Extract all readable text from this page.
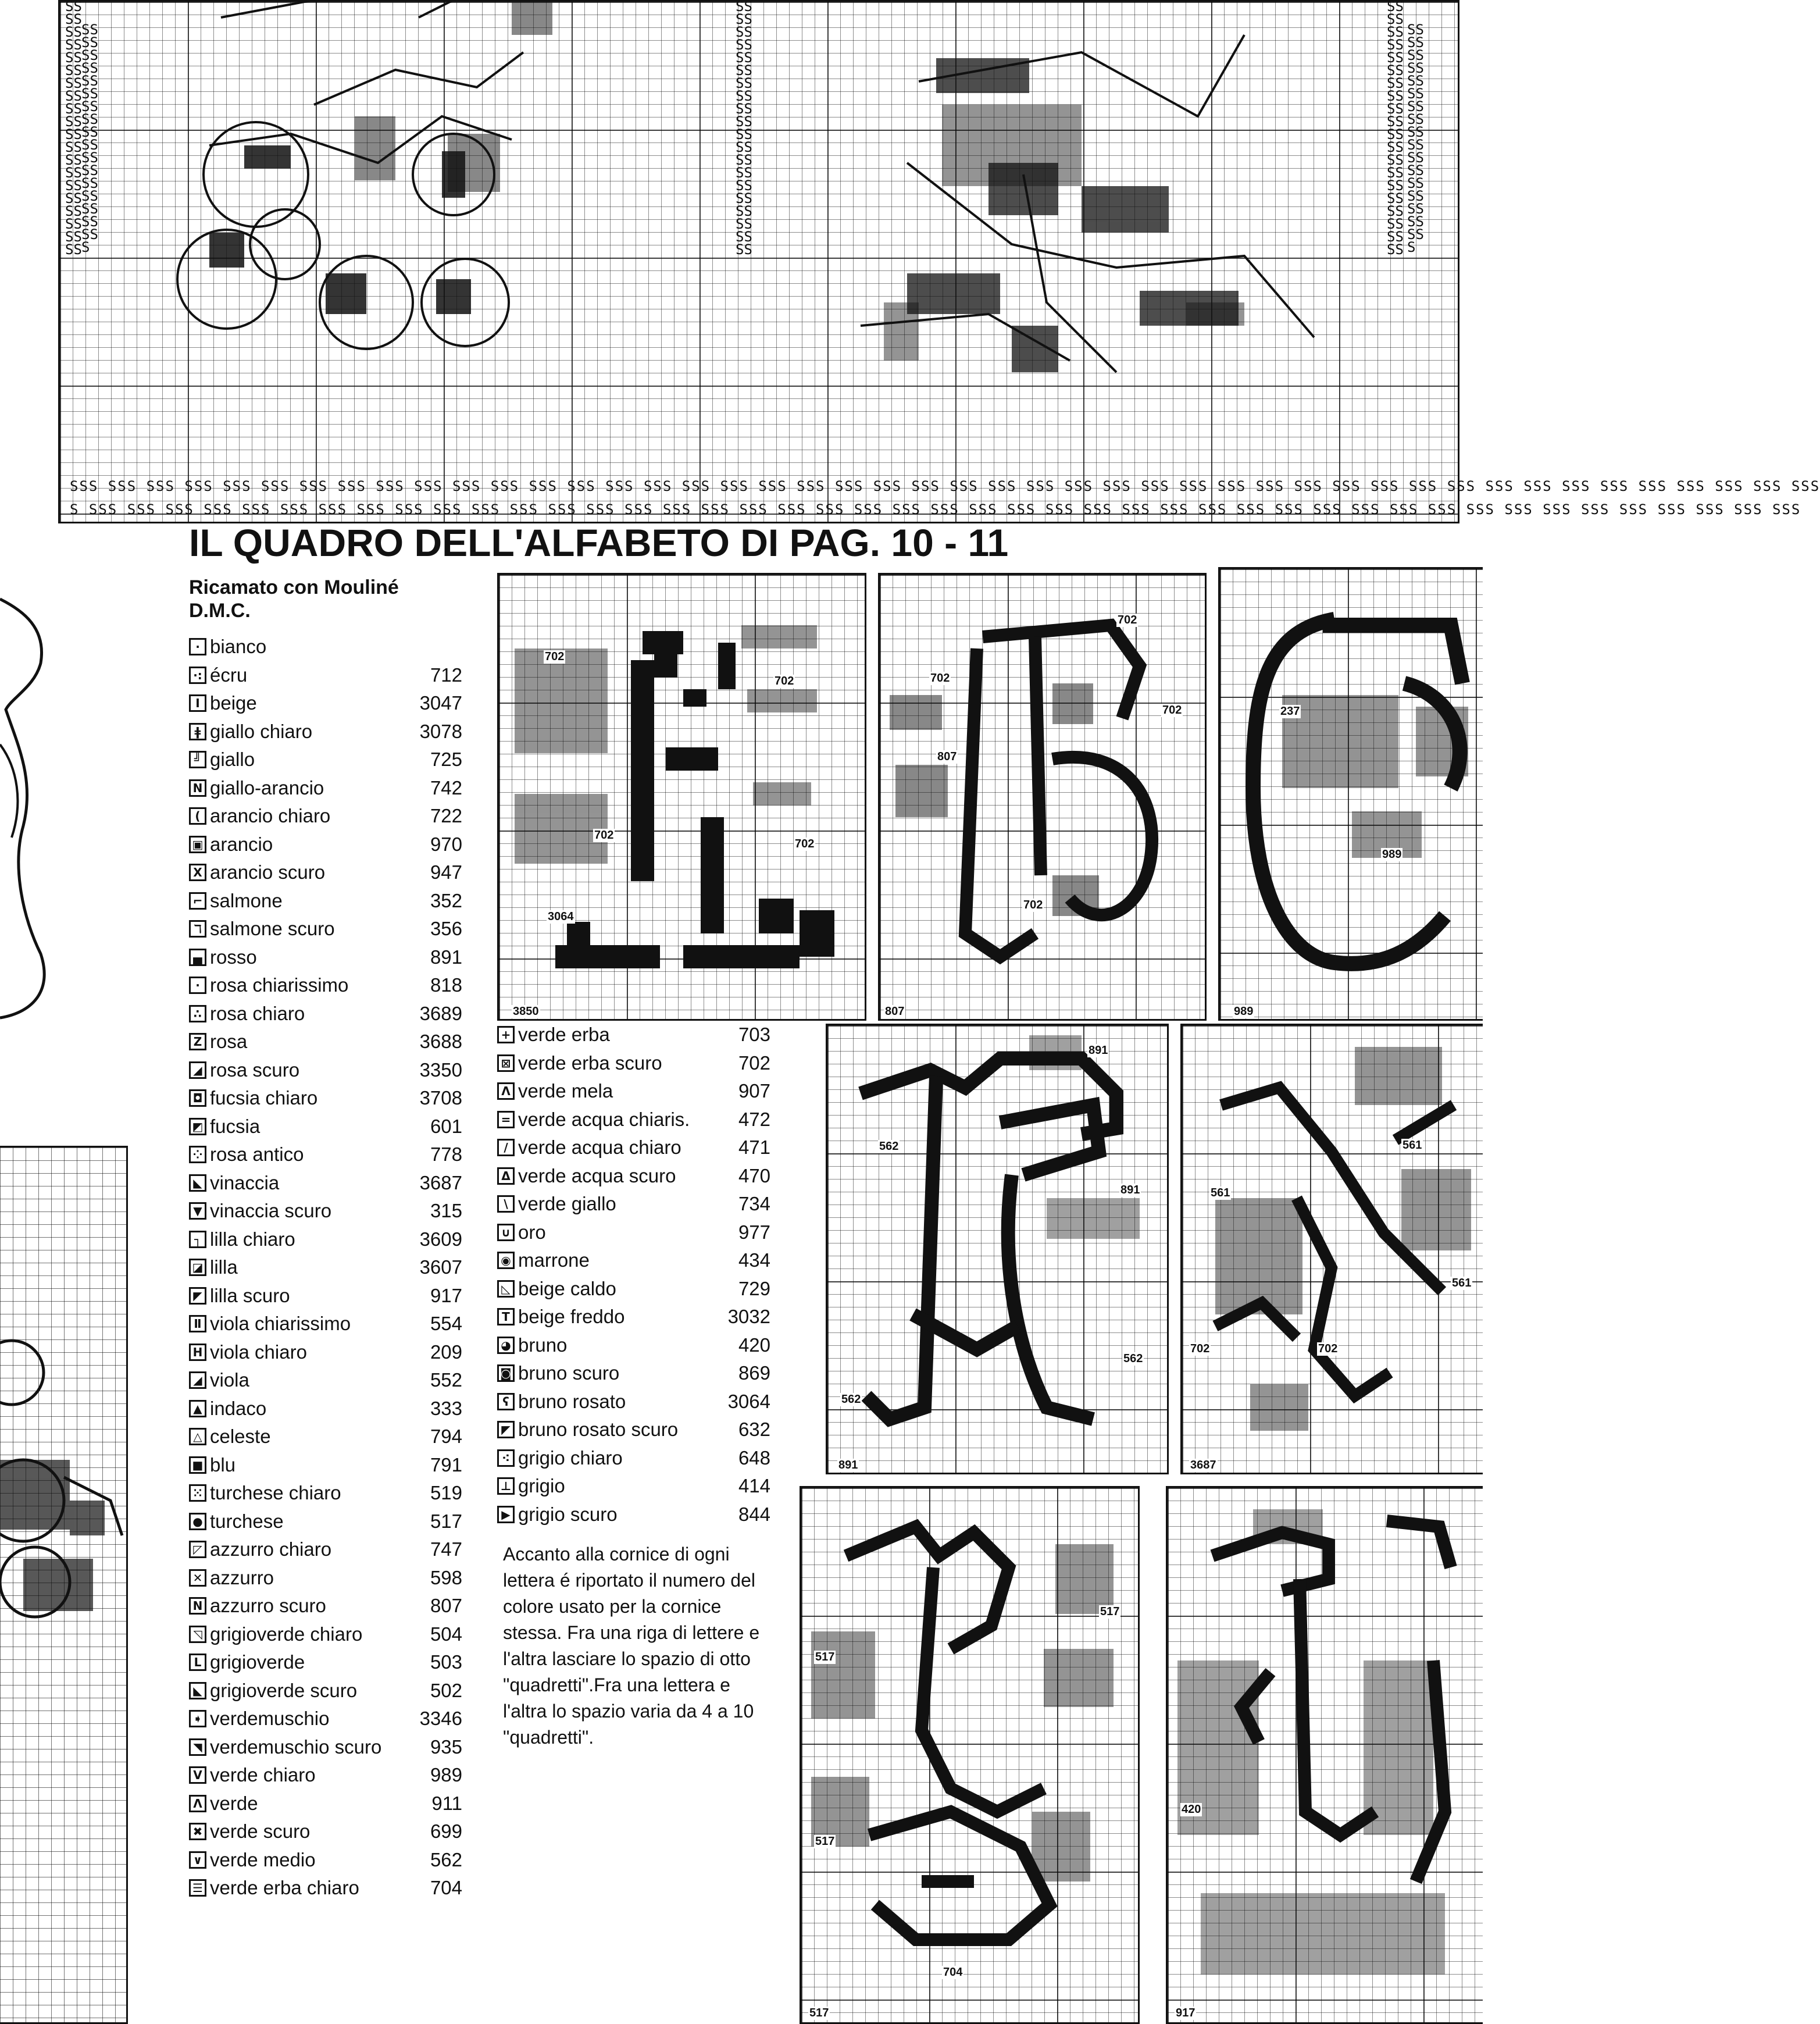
SSSSSSSSSSSSSSSSSSSSSSSSSSSSSSSSSSSSSSSS
SSSSSSSSSSSSSSSSSSSSSSSSSSSSSSSSSSS
SSSSSSSSSSSSSSSSSSSSSSSSSSSSSSSSSSSSSSSS
SSSSSSSSSSSSSSSSSSSSSSSSSSSSSSSSSSSSSSSS
SSSSSSSSSSSSSSSSSSSSSSSSSSSSSSSSSSS
SSS SSS SSS SSS SSS SSS SSS SSS SSS SSS SSS SSS SSS SSS SSS SSS SSS SSS SSS SSS SSS SSS SSS SSS SSS SSS SSS SSS SSS SSS SSS SSS SSS SSS SSS SSS SSS SSS SSS SSS SSS SSS SSS SSS SSS SSS
S SSS SSS SSS SSS SSS SSS SSS SSS SSS SSS SSS SSS SSS SSS SSS SSS SSS SSS SSS SSS SSS SSS SSS SSS SSS SSS SSS SSS SSS SSS SSS SSS SSS SSS SSS SSS SSS SSS SSS SSS SSS SSS SSS SSS SSS
IL QUADRO DELL'ALFABETO DI PAG. 10 - 11
Ricamato con Mouliné
D.M.C.
· bianco
·: écru	712
I beige	3047
ǂ giallo chiaro	3078
╝ giallo	725
N giallo-arancio	742
( arancio chiaro	722
▣ arancio	970
X arancio scuro	947
⌐ salmone	352
ℸ salmone scuro	356
▄ rosso	891
· rosa chiarissimo	818
∴ rosa chiaro	3689
Z rosa	3688
◢ rosa scuro	3350
◘ fucsia chiaro	3708
◩ fucsia	601
⁘ rosa antico	778
◣ vinaccia	3687
▼ vinaccia scuro	315
┐ lilla chiaro	3609
◪ lilla	3607
◤ lilla scuro	917
Ⅱ viola chiarissimo	554
H viola chiaro	209
◢ viola	552
▲ indaco	333
△ celeste	794
■ blu	791
⁙ turchese chiaro	519
● turchese	517
◸ azzurro chiaro	747
✕ azzurro	598
N azzurro scuro	807
◹ grigioverde chiaro	504
L grigioverde	503
◣ grigioverde scuro	502
➧ verdemuschio	3346
◥ verdemuschio scuro	935
V verde chiaro	989
Λ verde	911
✖ verde scuro	699
∨ verde medio	562
☰ verde erba chiaro	704
+ verde erba	703
⊠ verde erba scuro	702
Λ verde mela	907
= verde acqua chiaris.	472
/ verde acqua chiaro	471
Δ verde acqua scuro	470
\ verde giallo	734
∪ oro	977
◉ marrone	434
◺ beige caldo	729
T beige freddo	3032
◕ bruno	420
◙ bruno scuro	869
ʕ bruno rosato	3064
◤ bruno rosato scuro	632
⁖ grigio chiaro	648
⊥ grigio	414
▶ grigio scuro	844
Accanto alla cornice di ogni lettera é riportato il numero del colore usato per la cornice stessa. Fra una riga di lettere e l'altra lasciare lo spazio di otto "quadretti".Fra una lettera e l'altra lo spazio varia da 4 a 10 "quadretti".
702
702
702
702
3064
3850
702
702
702
807
702
807
237
989
989
891
891
562
562
562
891
561
561
561
702	702
3687
517
517
517
704
517
420
917
